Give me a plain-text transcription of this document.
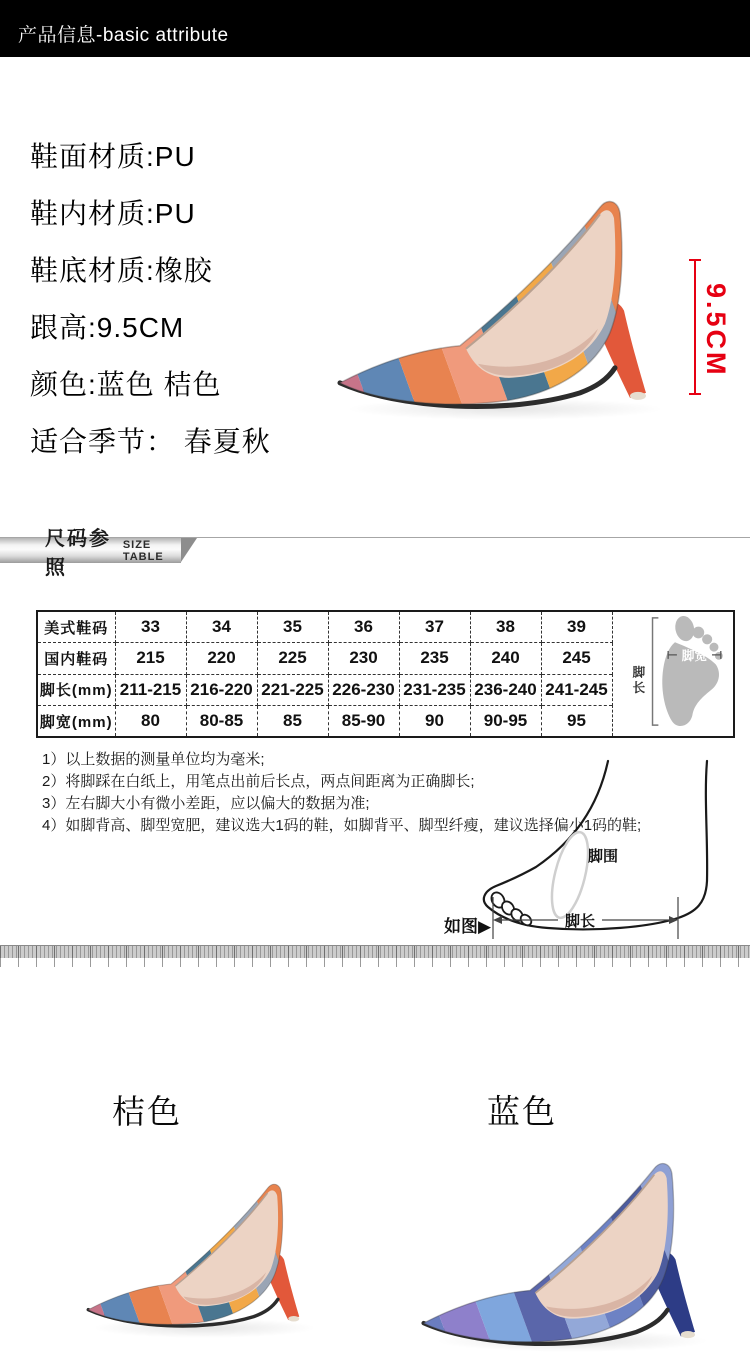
产品信息-basic attribute
鞋面材质:PU
鞋内材质:PU
鞋底材质:橡胶
跟高:9.5CM
颜色:蓝色 桔色
适合季节： 春夏秋
9.5CM
尺码参照
SIZE TABLE
美式鞋码	33	34	35	36	37	38	39	脚
长
脚宽

国内鞋码	215	220	225	230	235	240	245	
脚长(mm)	211-215	216-220	221-225	226-230	231-235	236-240	241-245	
脚宽(mm)	80	80-85	85	85-90	90	90-95	95	
1）以上数据的测量单位均为毫米;
2）将脚踩在白纸上，用笔点出前后长点，两点间距离为正确脚长;
3）左右脚大小有微小差距，应以偏大的数据为准;
4）如脚背高、脚型宽肥，建议选大1码的鞋，如脚背平、脚型纤瘦，建议选择偏小1码的鞋;
脚围
脚长
如图▶
桔色	蓝色
